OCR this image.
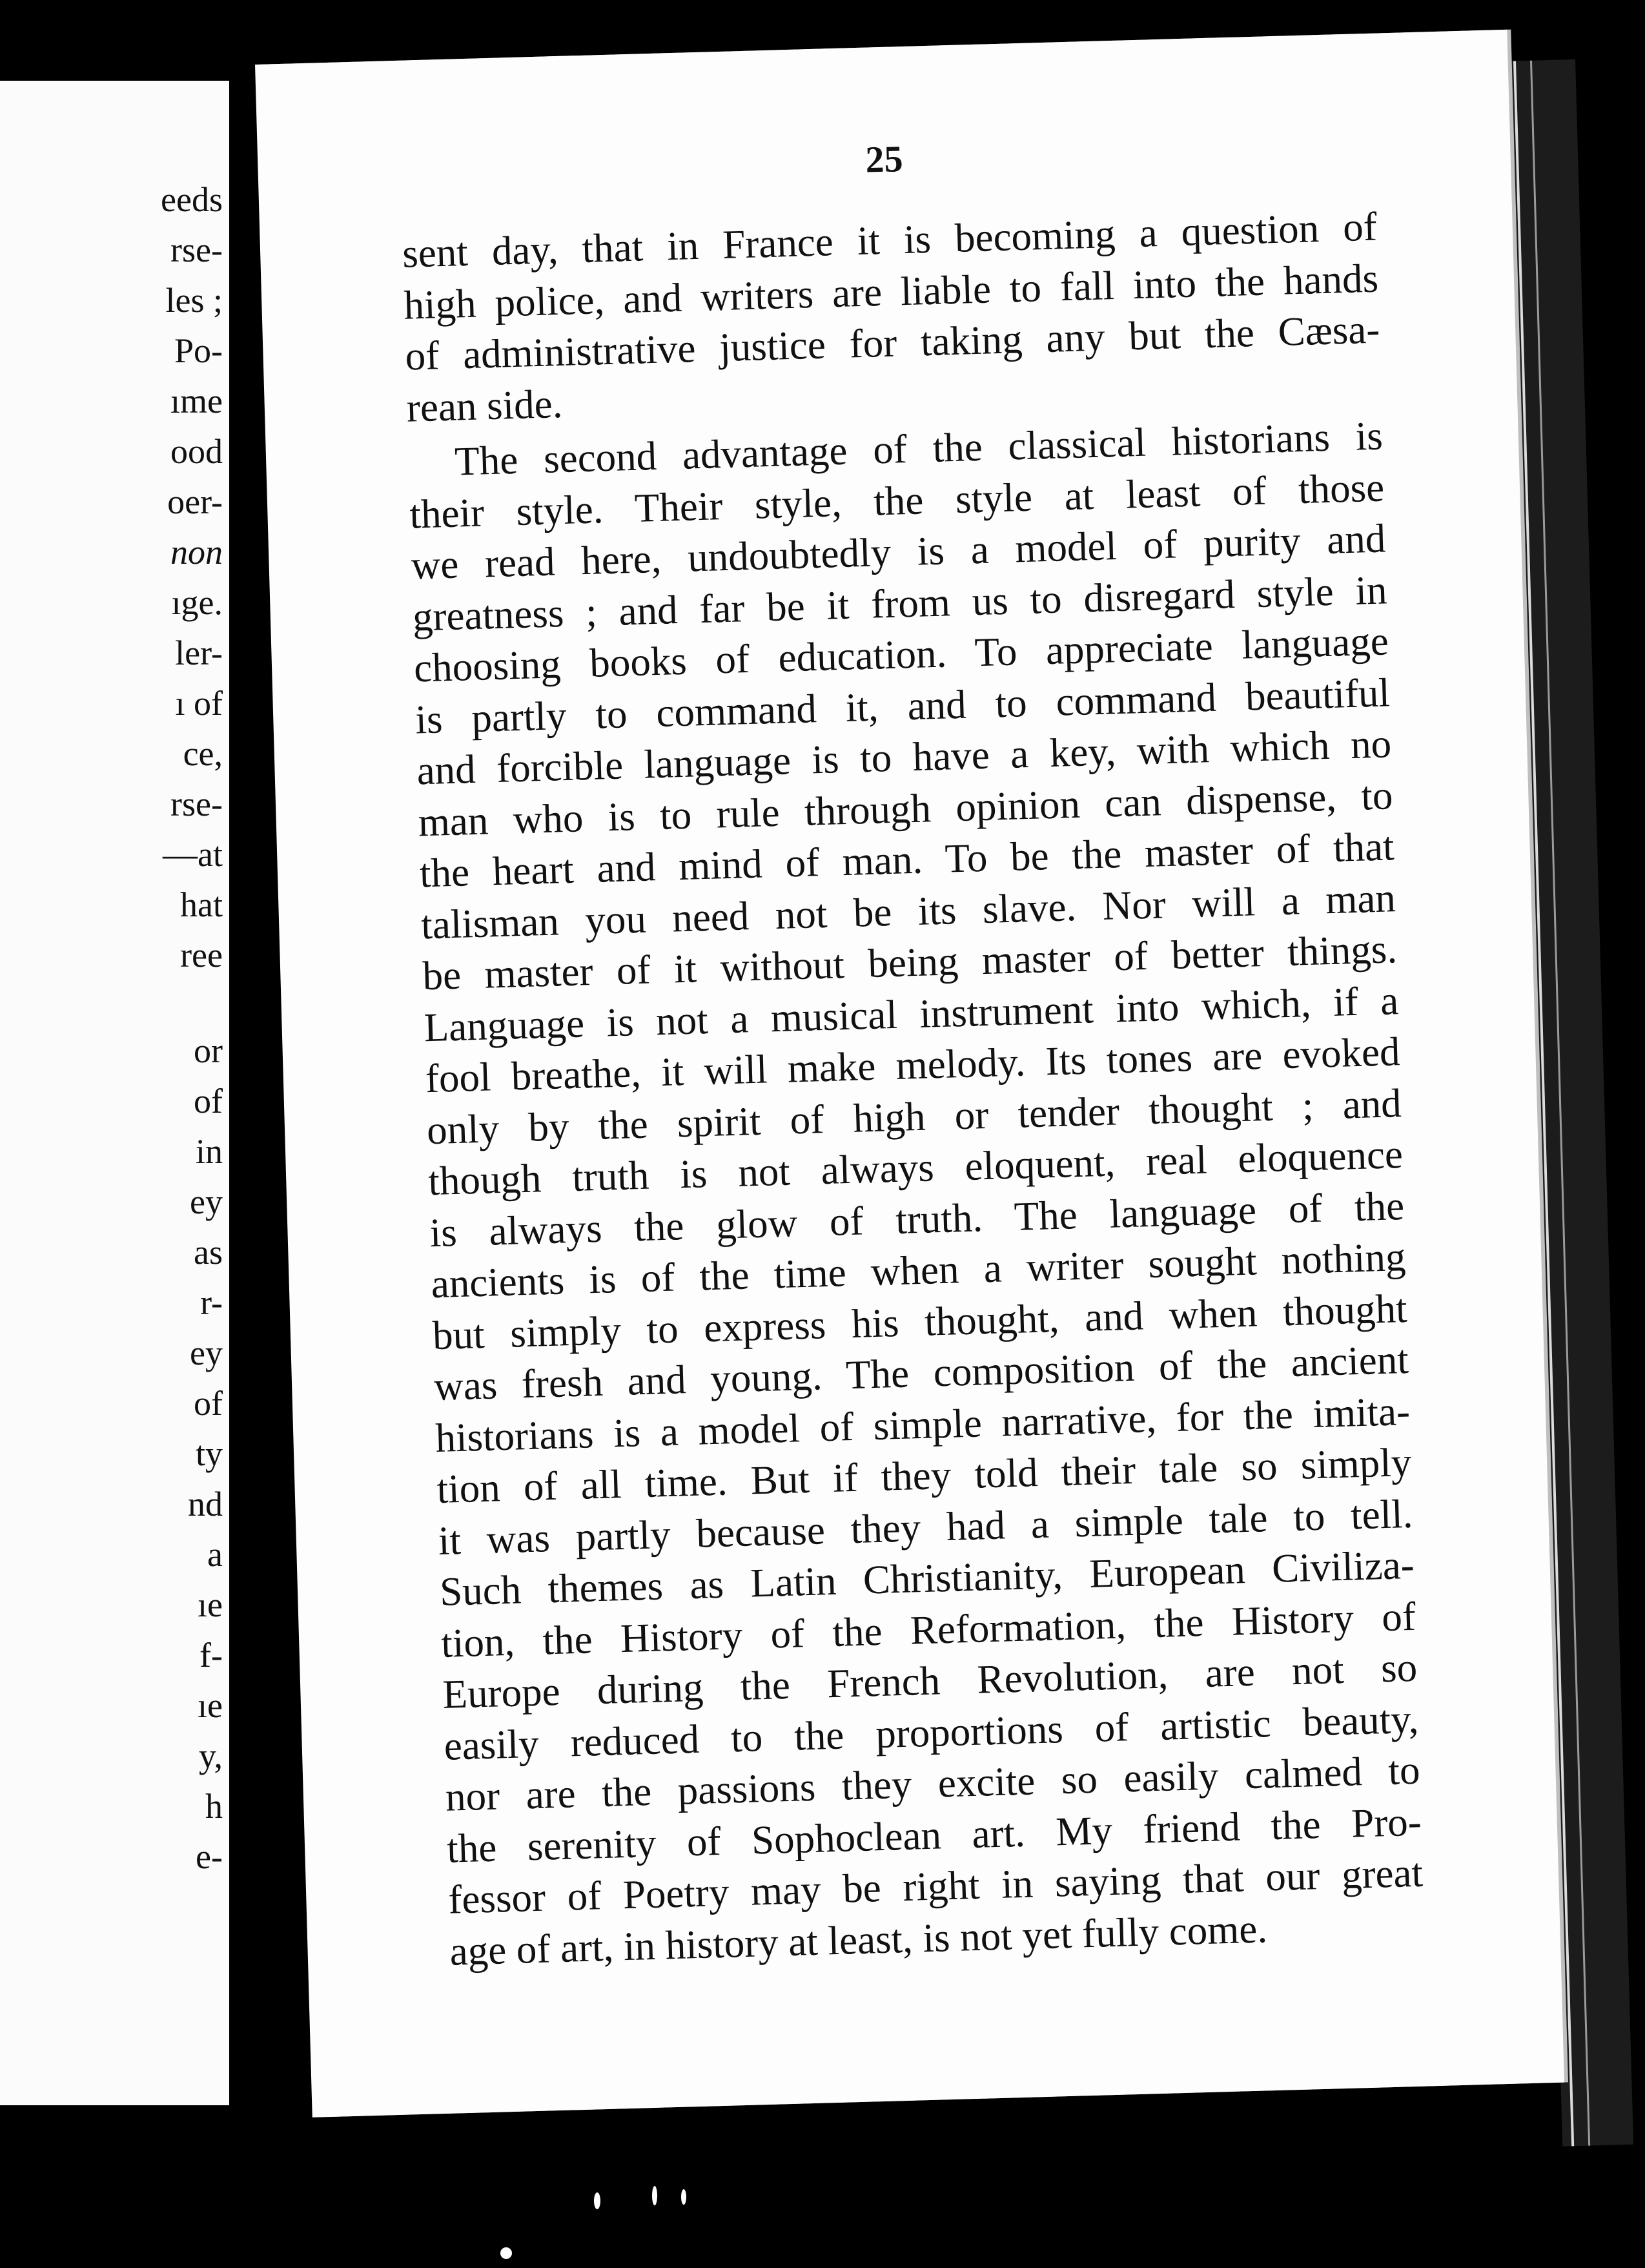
eeds
rse-
les ;
Po-
ıme
ood
oer-
non
ıge.
ler-
ı of
ce,
rse-
—at
hat
ree
or
of
in
ey
as
r-
ey
of
ty
nd
a
ıe
f-
ıe
y,
h
e-
25
sent day, that in France it is becoming a question of
high police, and writers are liable to fall into the hands
of administrative justice for taking any but the Cæsa-
rean side.
The second advantage of the classical historians is
their style. Their style, the style at least of those
we read here, undoubtedly is a model of purity and
greatness ; and far be it from us to disregard style in
choosing books of education. To appreciate language
is partly to command it, and to command beautiful
and forcible language is to have a key, with which no
man who is to rule through opinion can dispense, to
the heart and mind of man. To be the master of that
talisman you need not be its slave. Nor will a man
be master of it without being master of better things.
Language is not a musical instrument into which, if a
fool breathe, it will make melody. Its tones are evoked
only by the spirit of high or tender thought ; and
though truth is not always eloquent, real eloquence
is always the glow of truth. The language of the
ancients is of the time when a writer sought nothing
but simply to express his thought, and when thought
was fresh and young. The composition of the ancient
historians is a model of simple narrative, for the imita-
tion of all time. But if they told their tale so simply
it was partly because they had a simple tale to tell.
Such themes as Latin Christianity, European Civiliza-
tion, the History of the Reformation, the History of
Europe during the French Revolution, are not so
easily reduced to the proportions of artistic beauty,
nor are the passions they excite so easily calmed to
the serenity of Sophoclean art. My friend the Pro-
fessor of Poetry may be right in saying that our great
age of art, in history at least, is not yet fully come.
